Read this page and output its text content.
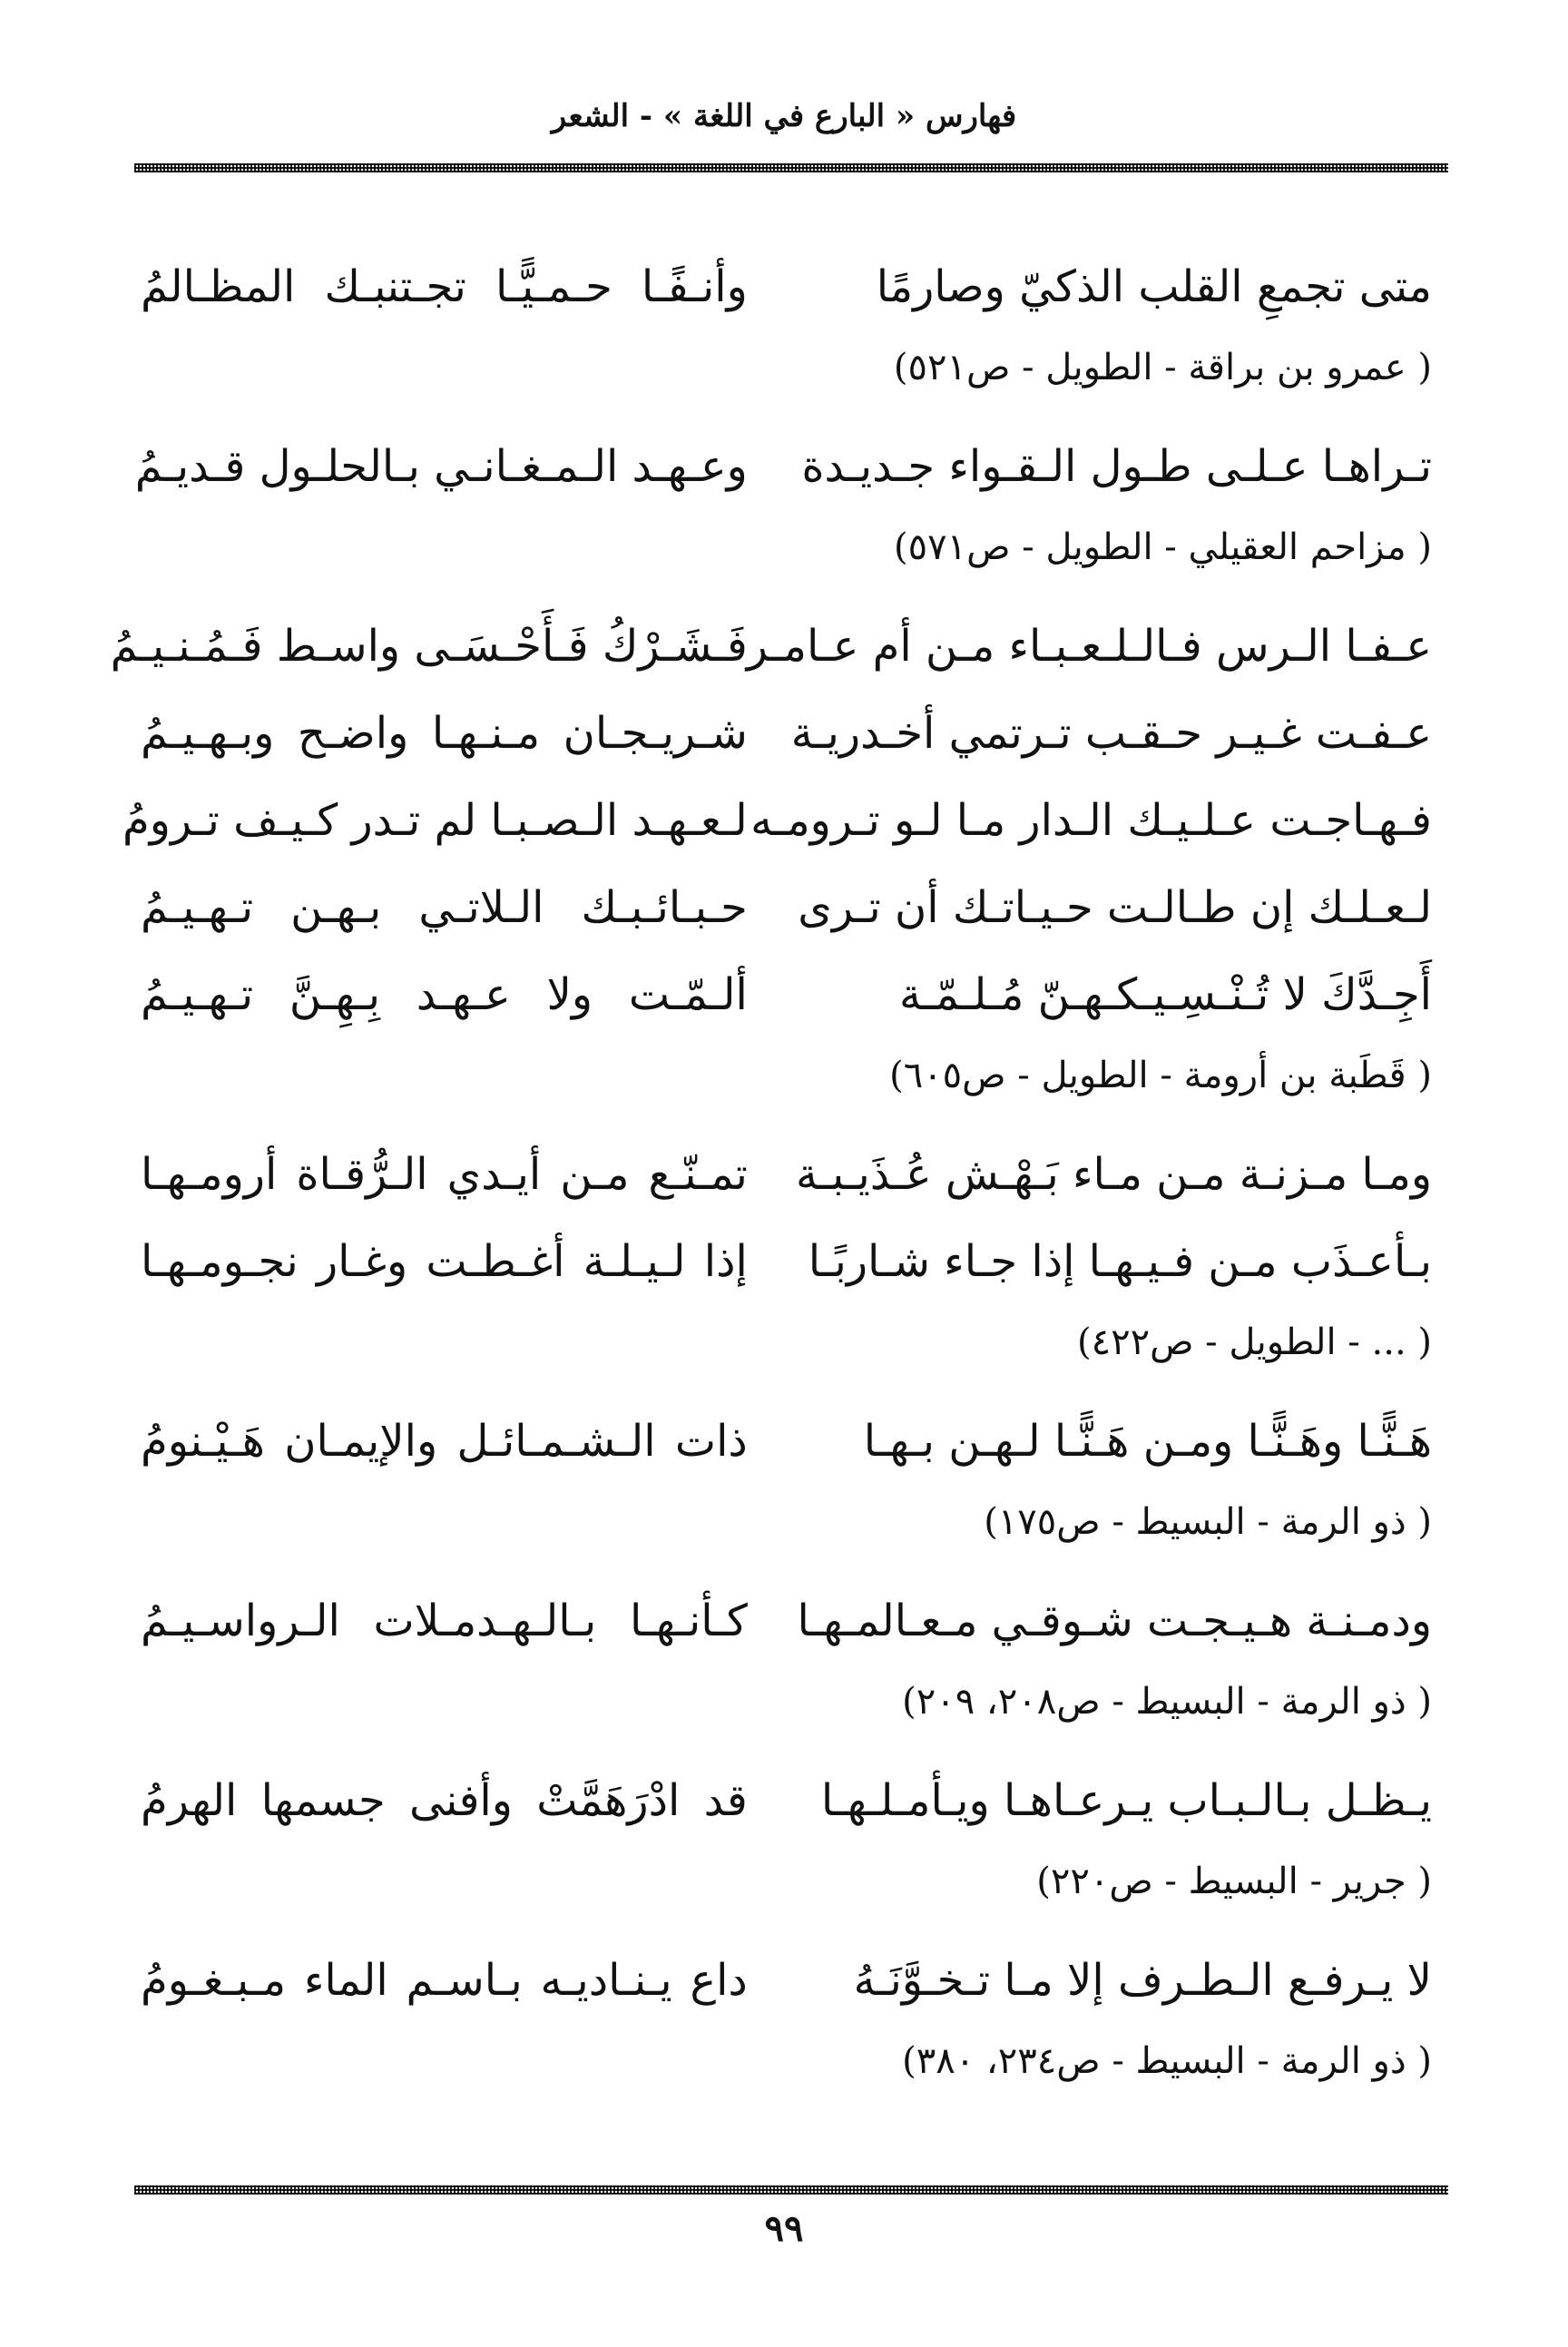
فهارس « البارع في اللغة » - الشعر
متى تجمعِ القلب الذكيّ وصارمًا
وأنـفًـا حـمـيًّـا تجـتنبـك المظـالمُ
( عمرو بن براقة - الطويل - ص٥٢١)
تـراهـا عـلـى طـول الـقـواء جـديـدة
وعـهـد الـمـغـانـي بـالحلـول قـديـمُ
( مزاحم العقيلي - الطويل - ص٥٧١)
عـفـا الـرس فـالـلـعـبـاء مـن أم عـامـر
فَـشَـرْكُ فَـأَحْـسَـى واسـط فَـمُـنـيـمُ
عـفـت غـيـر حـقـب تـرتمي أخـدريـة
شـريـجـان مـنـهـا واضـح وبـهـيـمُ
فـهـاجـت عـلـيـك الـدار مـا لـو تـرومـه
لـعـهـد الـصـبـا لم تـدر كـيـف تـرومُ
لـعـلـك إن طـالـت حـيـاتـك أن تـرى
حـبـائـبـك الـلاتـي بـهـن تـهـيـمُ
أَجِـدَّكَ لا تُـنْـسِـيـكـهـنّ مُـلـمّـة
ألـمّـت ولا عـهـد بِـهِـنَّ تـهـيـمُ
( قَطَبة بن أرومة - الطويل - ص٦٠٥)
ومـا مـزنـة مـن مـاء بَـهْـش عُـذَيـبـة
تمـنّـع مـن أيـدي الـرُّقـاة أرومـهـا
بـأعـذَب مـن فـيـهـا إذا جـاء شـاربًـا
إذا لـيـلـة أغـطـت وغـار نجـومـهـا
( ... - الطويل - ص٤٢٢)
هَـنًّـا وهَـنًّـا ومـن هَـنًّـا لـهـن بـهـا
ذات الـشـمـائـل والإيمـان هَـيْـنومُ
( ذو الرمة - البسيط - ص١٧٥)
ودمـنـة هـيـجـت شـوقـي مـعـالمـهـا
كـأنـهـا بـالـهـدمـلات الـرواسـيـمُ
( ذو الرمة - البسيط - ص٢٠٨، ٢٠٩)
يـظـل بـالـبـاب يـرعـاهـا ويـأمـلـهـا
قد ادْرَهَمَّتْ وأفنى جسمها الهرمُ
( جرير - البسيط - ص٢٢٠)
لا يـرفـع الـطـرف إلا مـا تـخـوَّنَـهُ
داع يـنـاديـه بـاسـم الماء مـبـغـومُ
( ذو الرمة - البسيط - ص٢٣٤، ٣٨٠)
٩٩
